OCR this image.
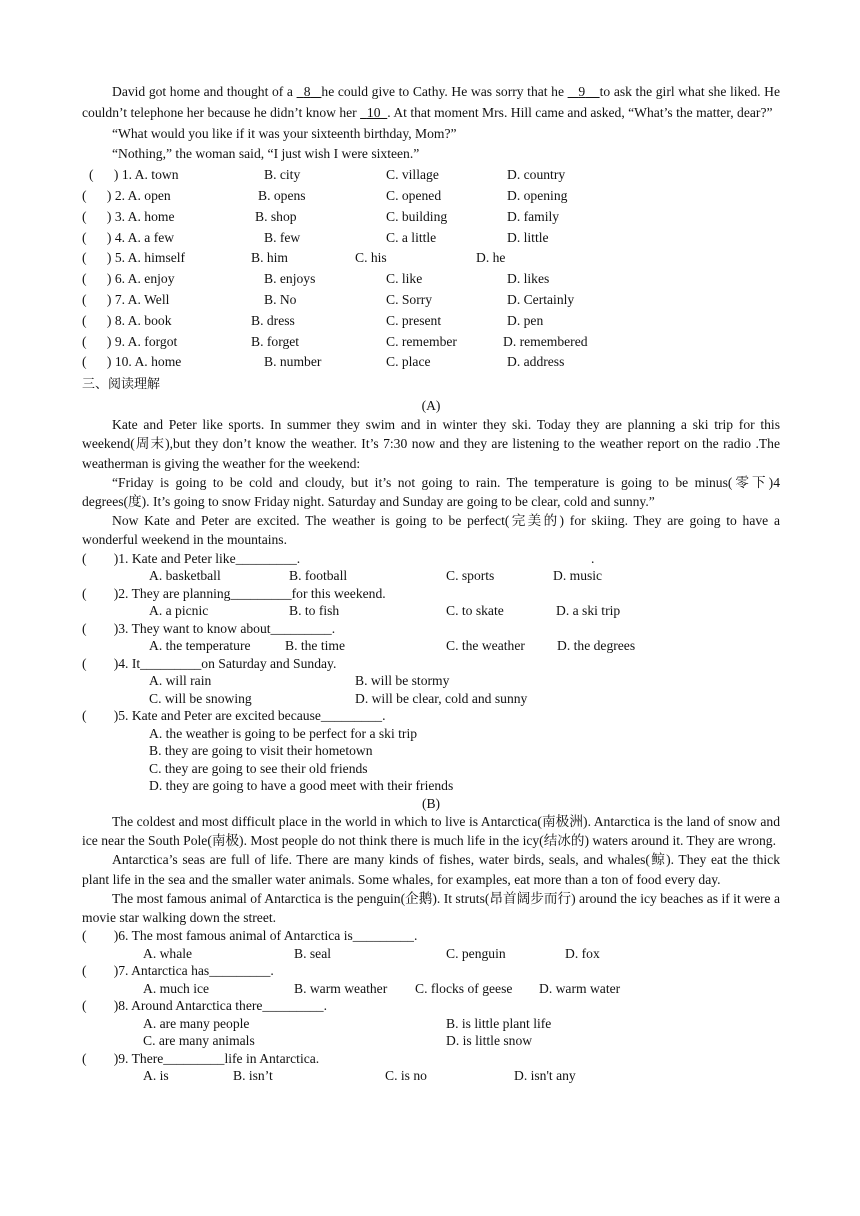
David got home and thought of a   8 he could give to Cathy. He was sorry that he    9 to ask the girl what she liked. He couldn’t telephone her because he didn’t know her   10 . At that moment Mrs. Hill came and asked, “What’s the matter, dear?”

“What would you like if it was your sixteenth birthday, Mom?”

“Nothing,” the woman said, “I just wish I were sixteen.”

(      ) 1. A. town	B. city	C. village	D. country
(      ) 2. A. open	B. opens	C. opened	D. opening
(      ) 3. A. home	B. shop	C. building	D. family
(      ) 4. A. a few	B. few	C. a little	D. little
(      ) 5. A. himself	B. him	C. his	D. he
(      ) 6. A. enjoy	B. enjoys	C. like	D. likes
(      ) 7. A. Well	B. No	C. Sorry	D. Certainly
(      ) 8. A. book	B. dress	C. present	D. pen
(      ) 9. A. forgot	B. forget	C. remember	D. remembered
(      ) 10. A. home	B. number	C. place	D. address
三、阅读理解
(A)

Kate and Peter like sports. In summer they swim and in winter they ski. Today they are planning a ski trip for this weekend(周末),but they don’t know the weather. It’s 7:30 now and they are listening to the weather report on the radio .The weatherman is giving the weather for the weekend:

“Friday is going to be cold and cloudy, but it’s not going to rain. The temperature is going to be minus(零下)4 degrees(度). It’s going to snow Friday night. Saturday and Sunday are going to be clear, cold and sunny.”

Now Kate and Peter are excited. The weather is going to be perfect(完美的) for skiing. They are going to have a wonderful weekend in the mountains.

(        )1. Kate and Peter like_________.	.
A. basketball	B. football	C. sports	D. music
(        )2. They are planning_________for this weekend.
A. a picnic	B. to fish	C. to skate	D. a ski trip
(        )3. They want to know about_________.
A. the temperature	B. the time	C. the weather D. the degrees
(        )4. It_________on Saturday and Sunday.
A. will rain	B. will be stormy
C. will be snowing	D. will be clear, cold and sunny
(        )5. Kate and Peter are excited because_________.
A. the weather is going to be perfect for a ski trip
B. they are going to visit their hometown
C. they are going to see their old friends
D. they are going to have a good meet with their friends
(B)

The coldest and most difficult place in the world in which to live is Antarctica(南极洲). Antarctica is the land of snow and ice near the South Pole(南极). Most people do not think there is much life in the icy(结冰的) waters around it. They are wrong.

Antarctica’s seas are full of life. There are many kinds of fishes, water birds, seals, and whales(鲸). They eat the thick plant life in the sea and the smaller water animals. Some whales, for examples, eat more than a ton of food every day.

The most famous animal of Antarctica is the penguin(企鹅). It struts(昂首阔步而行) around the icy beaches as if it were a movie star walking down the street.

(        )6. The most famous animal of Antarctica is_________.
A. whale	B. seal	C. penguin	D. fox
(        )7. Antarctica has_________.
A. much ice	B. warm weather C. flocks of geese D. warm water
(        )8. Around Antarctica there_________.
A. are many people	B. is little plant life
C. are many animals	D. is little snow
(        )9. There_________life in Antarctica.
A. is	B. isn’t	C. is no	D. isn't any
